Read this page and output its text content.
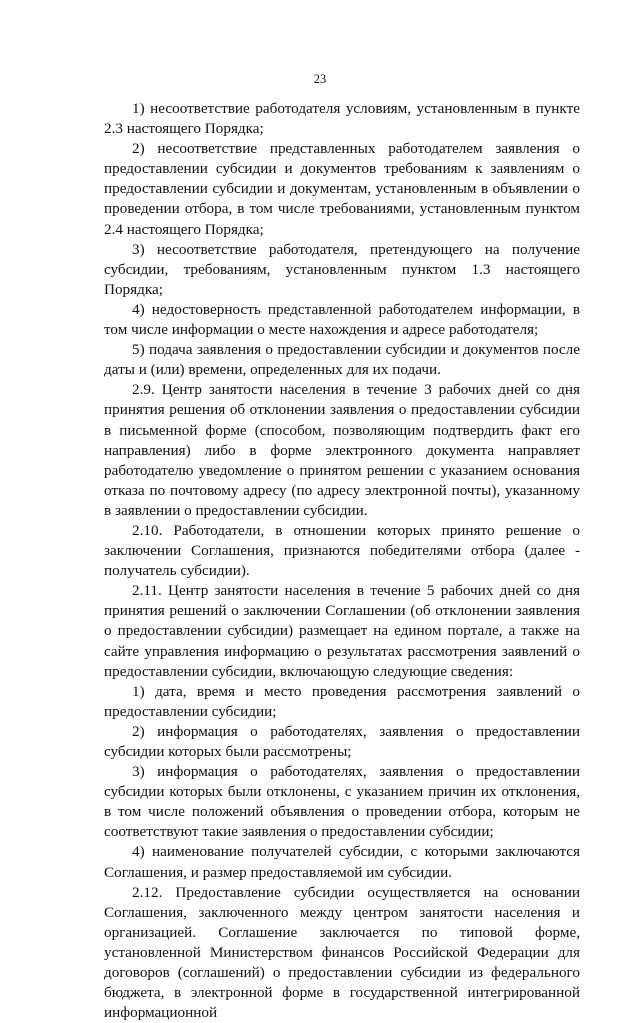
23

1) несоответствие работодателя условиям, установленным в пункте 2.3 настоящего Порядка;

2) несоответствие представленных работодателем заявления о предоставлении субсидии и документов требованиям к заявлениям о предоставлении субсидии и документам, установленным в объявлении о проведении отбора, в том числе требованиями, установленным пунктом 2.4 настоящего Порядка;

3) несоответствие работодателя, претендующего на получение субсидии, требованиям, установленным пунктом 1.3 настоящего Порядка;

4) недостоверность представленной работодателем информации, в том числе информации о месте нахождения и адресе работодателя;

5) подача заявления о предоставлении субсидии и документов после даты и (или) времени, определенных для их подачи.

2.9. Центр занятости населения в течение 3 рабочих дней со дня принятия решения об отклонении заявления о предоставлении субсидии в письменной форме (способом, позволяющим подтвердить факт его направления) либо в форме электронного документа направляет работодателю уведомление о принятом решении с указанием основания отказа по почтовому адресу (по адресу электронной почты), указанному в заявлении о предоставлении субсидии.

2.10. Работодатели, в отношении которых принято решение о заключении Соглашения, признаются победителями отбора (далее - получатель субсидии).

2.11. Центр занятости населения в течение 5 рабочих дней со дня принятия решений о заключении Соглашении (об отклонении заявления о предоставлении субсидии) размещает на едином портале, а также на сайте управления информацию о результатах рассмотрения заявлений о предоставлении субсидии, включающую следующие сведения:

1) дата, время и место проведения рассмотрения заявлений о предоставлении субсидии;

2) информация о работодателях, заявления о предоставлении субсидии которых были рассмотрены;

3) информация о работодателях, заявления о предоставлении субсидии которых были отклонены, с указанием причин их отклонения, в том числе положений объявления о проведении отбора, которым не соответствуют такие заявления о предоставлении субсидии;

4) наименование получателей субсидии, с которыми заключаются Соглашения, и размер предоставляемой им субсидии.

2.12. Предоставление субсидии осуществляется на основании Соглашения, заключенного между центром занятости населения и организацией. Соглашение заключается по типовой форме, установленной Министерством финансов Российской Федерации для договоров (соглашений) о предоставлении субсидии из федерального бюджета, в электронной форме в государственной интегрированной информационной
